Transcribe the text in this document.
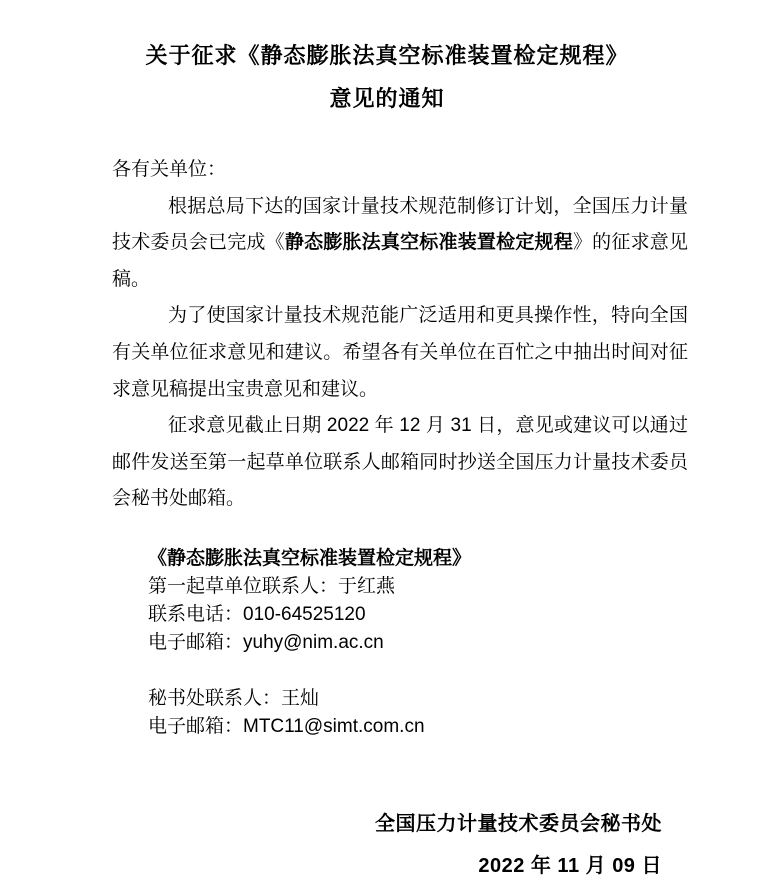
关于征求《静态膨胀法真空标准装置检定规程》
意见的通知
各有关单位：

根据总局下达的国家计量技术规范制修订计划，全国压力计量技术委员会已完成《静态膨胀法真空标准装置检定规程》的征求意见稿。

为了使国家计量技术规范能广泛适用和更具操作性，特向全国有关单位征求意见和建议。希望各有关单位在百忙之中抽出时间对征求意见稿提出宝贵意见和建议。

征求意见截止日期 2022 年 12 月 31 日，意见或建议可以通过邮件发送至第一起草单位联系人邮箱同时抄送全国压力计量技术委员会秘书处邮箱。

《静态膨胀法真空标准装置检定规程》
第一起草单位联系人：于红燕
联系电话：010-64525120
电子邮箱：yuhy@nim.ac.cn
秘书处联系人：王灿
电子邮箱：MTC11@simt.com.cn
全国压力计量技术委员会秘书处
2022 年 11 月 09 日
